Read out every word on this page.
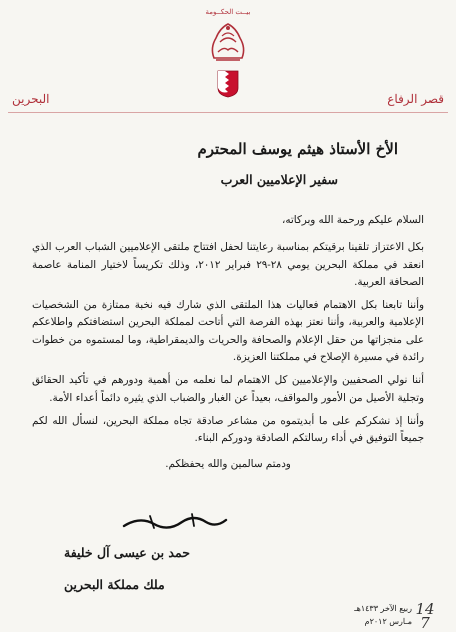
بيــت الحكــومة
البحرين	قصر الرفاع
الأخ الأستاذ هيثم يوسف المحترم
سفير الإعلاميين العرب

السلام عليكم ورحمة الله وبركاته،

بكل الاعتزاز تلقينا برقيتكم بمناسبة رعايتنا لحفل افتتاح ملتقى الإعلاميين الشباب العرب الذي انعقد في مملكة البحرين يومي ٢٨-٢٩ فبراير ٢٠١٢، وذلك تكريساً لاختيار المنامة عاصمة الصحافة العربية.

وأننا تابعنا بكل الاهتمام فعاليات هذا الملتقى الذي شارك فيه نخبة ممتازة من الشخصيات الإعلامية والعربية، وأننا نعتز بهذه الفرصة التي أتاحت لمملكة البحرين استضافتكم واطلاعكم على منجزاتها من حقل الإعلام والصحافة والحريات والديمقراطية، وما لمستموه من خطوات رائدة في مسيرة الإصلاح في مملكتنا العزيزة.

أننا نولي الصحفيين والإعلاميين كل الاهتمام لما نعلمه من أهمية ودورهم في تأكيد الحقائق وتجلية الأصيل من الأمور والمواقف، بعيداً عن الغبار والضباب الذي يثيره دائماً أعداء الأمة.

وأننا إذ نشكركم على ما أبديتموه من مشاعر صادقة تجاه مملكة البحرين، لنسأل الله لكم جميعاً التوفيق في أداء رسالتكم الصادقة ودوركم البناء.

ودمتم سالمين والله يحفظكم.

حمد بن عيسى آل خليفة
ملك مملكة البحرين
14
7
ربيع الآخر ١٤٣٣هـ
مـارس ٢٠١٢م
